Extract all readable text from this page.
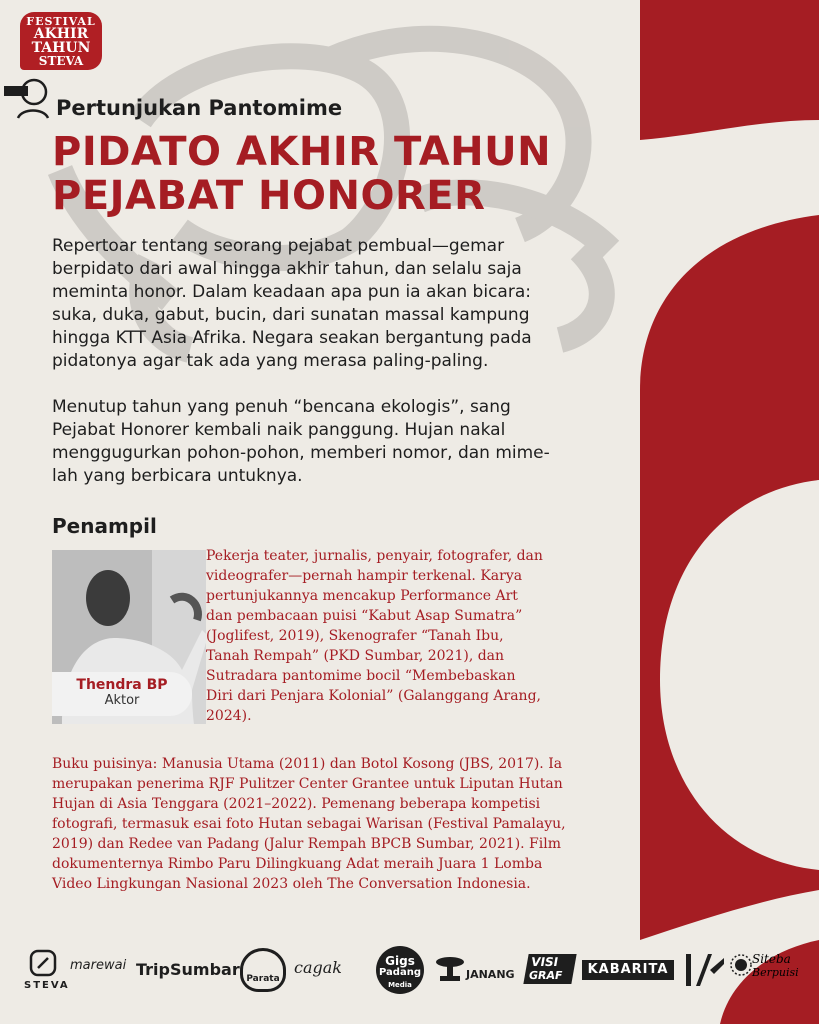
FESTIVAL
AKHIR
TAHUN
STEVA
Pertunjukan Pantomime
PIDATO AKHIR TAHUN
PEJABAT HONORER

Repertoar tentang seorang pejabat pembual—gemar berpidato dari awal hingga akhir tahun, dan selalu saja meminta honor. Dalam keadaan apa pun ia akan bicara: suka, duka, gabut, bucin, dari sunatan massal kampung hingga KTT Asia Afrika. Negara seakan bergantung pada pidatonya agar tak ada yang merasa paling-paling.

Menutup tahun yang penuh “bencana ekologis”, sang Pejabat Honorer kembali naik panggung. Hujan nakal menggugurkan pohon-pohon, memberi nomor, dan mime-lah yang berbicara untuknya.

Penampil
Thendra BP
Aktor

Pekerja teater, jurnalis, penyair, fotografer, dan videografer—pernah hampir terkenal. Karya pertunjukannya mencakup Performance Art dan pembacaan puisi “Kabut Asap Sumatra” (Joglifest, 2019), Skenografer “Tanah Ibu, Tanah Rempah” (PKD Sumbar, 2021), dan Sutradara pantomime bocil “Membebaskan Diri dari Penjara Kolonial” (Galanggang Arang, 2024).

Buku puisinya: Manusia Utama (2011) dan Botol Kosong (JBS, 2017). Ia merupakan penerima RJF Pulitzer Center Grantee untuk Liputan Hutan Hujan di Asia Tenggara (2021–2022). Pemenang beberapa kompetisi fotografi, termasuk esai foto Hutan sebagai Warisan (Festival Pamalayu, 2019) dan Redee van Padang (Jalur Rempah BPCB Sumbar, 2021). Film dokumenternya Rimbo Paru Dilingkuang Adat meraih Juara 1 Lomba Video Lingkungan Nasional 2023 oleh The Conversation Indonesia.

STEVA
marewai TripSumbar Parata
cagak	Gigs
Padang
Media
JANANG
VISI
GRAF	KABARITA
Siteba
Berpuisi
